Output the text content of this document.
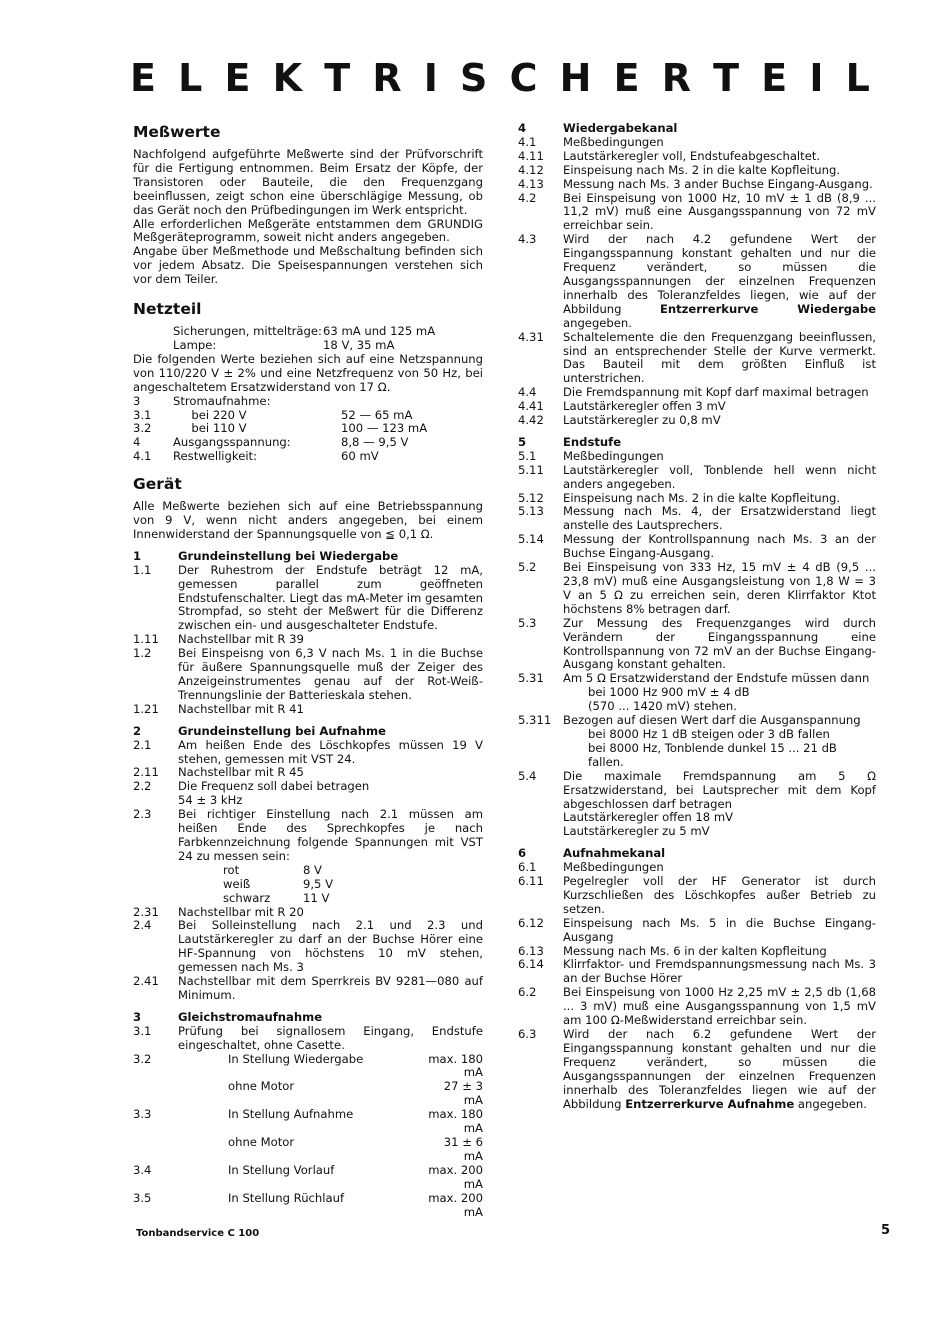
E L E K T R I S C H E R T E I L
Meßwerte

Nachfolgend aufgeführte Meßwerte sind der Prüfvorschrift für die Fertigung entnommen. Beim Ersatz der Köpfe, der Transistoren oder Bauteile, die den Frequenzgang beeinflussen, zeigt schon eine überschlägige Messung, ob das Gerät noch den Prüfbedingungen im Werk entspricht.

Alle erforderlichen Meßgeräte entstammen dem GRUNDIG Meßgeräteprogramm, soweit nicht anders angegeben.

Angabe über Meßmethode und Meßschaltung befinden sich vor jedem Absatz. Die Speisespannungen verstehen sich vor dem Teiler.

Netzteil
Sicherungen, mittelträge: 63 mA und 125 mA
Lampe:	18 V, 35 mA

Die folgenden Werte beziehen sich auf eine Netzspannung von 110/220 V ± 2% und eine Netzfrequenz von 50 Hz, bei angeschaltetem Ersatzwiderstand von 17 Ω.

3	Stromaufnahme:
3.1	bei 220 V	52 — 65 mA
3.2	bei 110 V	100 — 123 mA
4	Ausgangsspannung:	8,8 — 9,5 V
4.1	Restwelligkeit:	60 mV
Gerät

Alle Meßwerte beziehen sich auf eine Betriebsspannung von 9 V, wenn nicht anders angegeben, bei einem Innenwiderstand der Spannungsquelle von ≦ 0,1 Ω.

1	Grundeinstellung bei Wiedergabe
1.1	Der Ruhestrom der Endstufe beträgt 12 mA, gemessen parallel zum geöffneten Endstufenschalter. Liegt das mA-Meter im gesamten Strompfad, so steht der Meßwert für die Differenz zwischen ein- und ausgeschalteter Endstufe.
1.11	Nachstellbar mit R 39
1.2	Bei Einspeisng von 6,3 V nach Ms. 1 in die Buchse für äußere Spannungsquelle muß der Zeiger des Anzeigeinstrumentes genau auf der Rot-Weiß-Trennungslinie der Batterieskala stehen.
1.21	Nachstellbar mit R 41
2	Grundeinstellung bei Aufnahme
2.1	Am heißen Ende des Löschkopfes müssen 19 V stehen, gemessen mit VST 24.
2.11	Nachstellbar mit R 45
2.2	Die Frequenz soll dabei betragen
54 ± 3 kHz
2.3	Bei richtiger Einstellung nach 2.1 müssen am heißen Ende des Sprechkopfes je nach Farbkennzeichnung folgende Spannungen mit VST 24 zu messen sein:
rot	8 V
weiß	9,5 V
schwarz	11 V
2.31	Nachstellbar mit R 20
2.4	Bei Solleinstellung nach 2.1 und 2.3 und Lautstärkeregler zu darf an der Buchse Hörer eine HF-Spannung von höchstens 10 mV stehen, gemessen nach Ms. 3
2.41	Nachstellbar mit dem Sperrkreis BV 9281—080 auf Minimum.
3	Gleichstromaufnahme
3.1	Prüfung bei signallosem Eingang, Endstufe eingeschaltet, ohne Casette.
3.2	In Stellung Wiedergabe	max. 180 mA
ohne Motor	27 ± 3 mA
3.3	In Stellung Aufnahme	max. 180 mA
ohne Motor	31 ± 6 mA
3.4	In Stellung Vorlauf	max. 200 mA
3.5	In Stellung Rüchlauf	max. 200 mA
4	Wiedergabekanal
4.1	Meßbedingungen
4.11	Lautstärkeregler voll, Endstufeabgeschaltet.
4.12	Einspeisung nach Ms. 2 in die kalte Kopfleitung.
4.13	Messung nach Ms. 3 ander Buchse Eingang-Ausgang.
4.2	Bei Einspeisung von 1000 Hz, 10 mV ± 1 dB (8,9 ... 11,2 mV) muß eine Ausgangsspannung von 72 mV erreichbar sein.
4.3	Wird der nach 4.2 gefundene Wert der Eingangsspannung konstant gehalten und nur die Frequenz verändert, so müssen die Ausgangsspannungen der einzelnen Frequenzen innerhalb des Toleranzfeldes liegen, wie auf der Abbildung	Entzerrerkurve Wiedergabe angegeben.
4.31	Schaltelemente die den Frequenzgang beeinflussen, sind an entsprechender Stelle der Kurve vermerkt. Das Bauteil mit dem größten Einfluß ist unterstrichen.
4.4	Die Fremdspannung mit Kopf darf maximal betragen
4.41	Lautstärkeregler offen 3 mV
4.42	Lautstärkeregler zu 0,8 mV
5	Endstufe
5.1	Meßbedingungen
5.11	Lautstärkeregler voll, Tonblende hell wenn nicht anders angegeben.
5.12	Einspeisung nach Ms. 2 in die kalte Kopfleitung.
5.13	Messung nach Ms. 4, der Ersatzwiderstand liegt anstelle des Lautsprechers.
5.14	Messung der Kontrollspannung nach Ms. 3 an der Buchse Eingang-Ausgang.
5.2	Bei Einspeisung von 333 Hz, 15 mV ± 4 dB (9,5 ... 23,8 mV) muß eine Ausgangsleistung von 1,8 W = 3 V an 5 Ω zu erreichen sein, deren Klirrfaktor Ktot höchstens 8% betragen darf.
5.3	Zur Messung des Frequenzganges wird durch Verändern der Eingangsspannung eine Kontrollspannung von 72 mV an der Buchse Eingang-Ausgang konstant gehalten.
5.31	Am 5 Ω Ersatzwiderstand der Endstufe müssen dann
bei 1000 Hz 900 mV ± 4 dB
(570 ... 1420 mV) stehen.
5.311	Bezogen auf diesen Wert darf die Ausganspannung
bei 8000 Hz 1 dB steigen oder 3 dB fallen
bei 8000 Hz, Tonblende dunkel 15 ... 21 dB fallen.
5.4	Die maximale Fremdspannung am 5 Ω Ersatzwiderstand, bei Lautsprecher mit dem Kopf abgeschlossen darf betragen
Lautstärkeregler offen 18 mV
Lautstärkeregler zu 5 mV
6	Aufnahmekanal
6.1	Meßbedingungen
6.11	Pegelregler voll der HF Generator ist durch Kurzschließen des Löschkopfes außer Betrieb zu setzen.
6.12	Einspeisung nach Ms. 5 in die Buchse Eingang-Ausgang
6.13	Messung nach Ms. 6 in der kalten Kopfleitung
6.14	Klirrfaktor- und Fremdspannungsmessung nach Ms. 3 an der Buchse Hörer
6.2	Bei Einspeisung von 1000 Hz 2,25 mV ± 2,5 db (1,68 ... 3 mV) muß eine Ausgangsspannung von 1,5 mV am 100 Ω-Meßwiderstand erreichbar sein.
6.3	Wird der nach 6.2 gefundene Wert der Eingangsspannung konstant gehalten und nur die Frequenz verändert, so müssen die Ausgangsspannungen der einzelnen Frequenzen innerhalb des Toleranzfeldes liegen wie auf der Abbildung Entzerrerkurve Aufnahme angegeben.
Tonbandservice C 100	5
